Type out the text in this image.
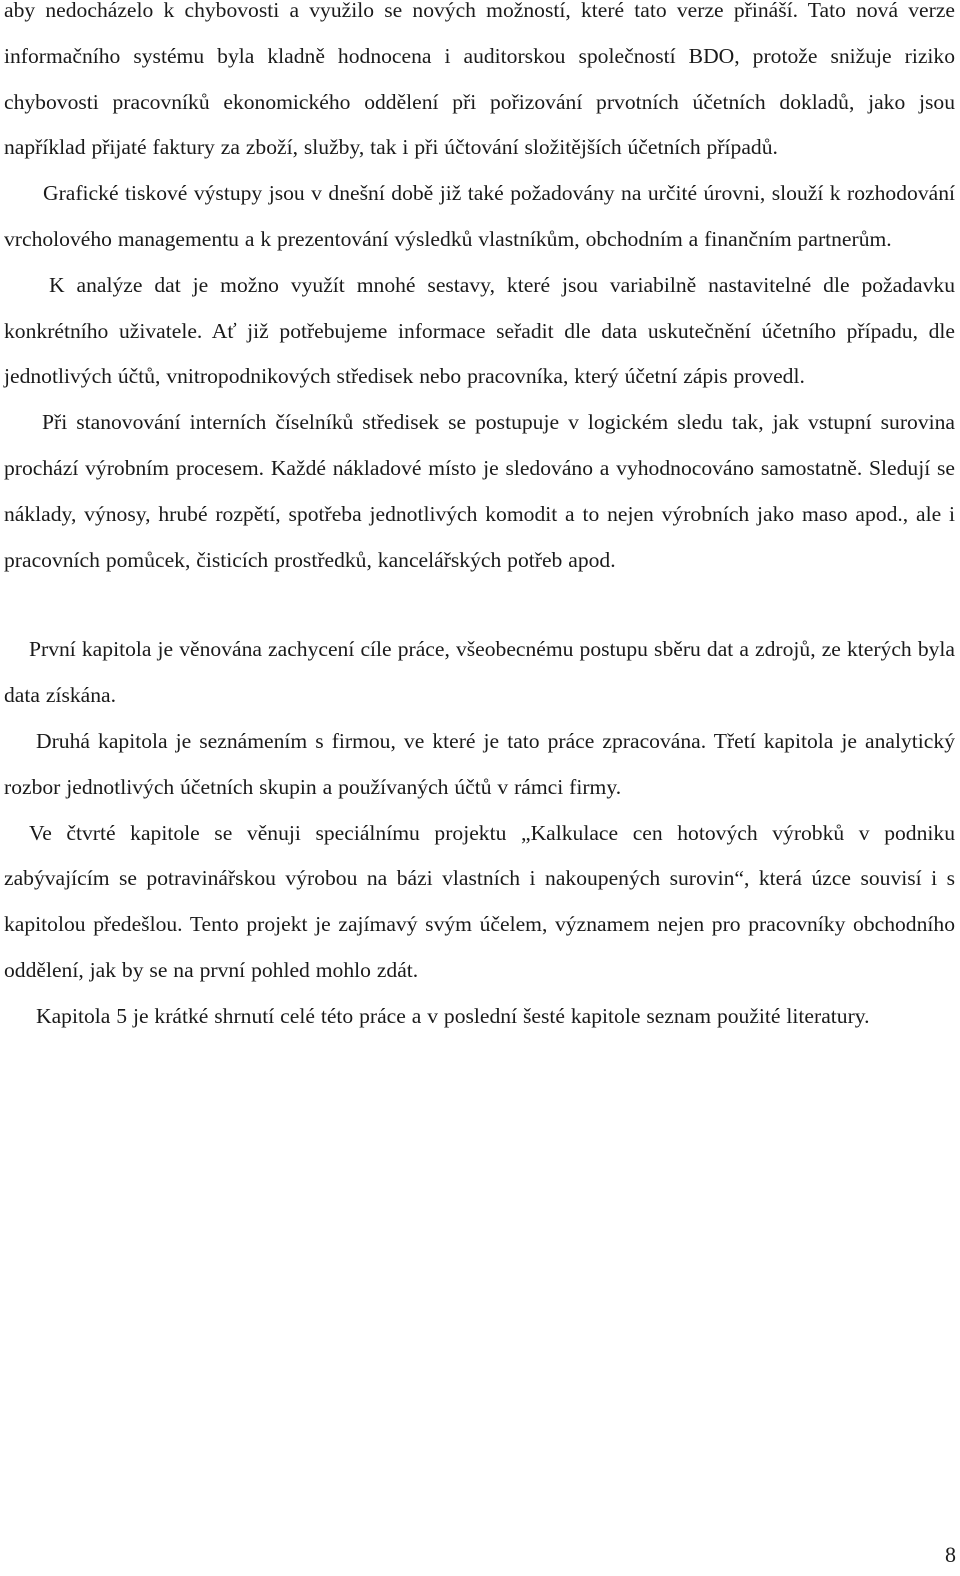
aby nedocházelo k chybovosti a využilo se nových možností, které tato verze přináší. Tato nová verze informačního systému byla kladně hodnocena i auditorskou společností BDO, protože snižuje riziko chybovosti pracovníků ekonomického oddělení při pořizování prvotních účetních dokladů, jako jsou například přijaté faktury za zboží, služby, tak i při účtování složitějších účetních případů.

Grafické tiskové výstupy jsou v dnešní době již také požadovány na určité úrovni, slouží k rozhodování vrcholového managementu a k prezentování výsledků vlastníkům, obchodním a finančním partnerům.

K analýze dat je možno využít mnohé sestavy, které jsou variabilně nastavitelné dle požadavku konkrétního uživatele. Ať již potřebujeme informace seřadit dle data uskutečnění účetního případu, dle jednotlivých účtů, vnitropodnikových středisek nebo pracovníka, který účetní zápis provedl.

Při stanovování interních číselníků středisek se postupuje v logickém sledu tak, jak vstupní surovina prochází výrobním procesem. Každé nákladové místo je sledováno a vyhodnocováno samostatně. Sledují se náklady, výnosy, hrubé rozpětí, spotřeba jednotlivých komodit a to nejen výrobních jako maso apod., ale i pracovních pomůcek, čisticích prostředků, kancelářských potřeb apod.

První kapitola je věnována zachycení cíle práce, všeobecnému postupu sběru dat a zdrojů, ze kterých byla data získána.

Druhá kapitola je seznámením s firmou, ve které je tato práce zpracována. Třetí kapitola je analytický rozbor jednotlivých účetních skupin a používaných účtů v rámci firmy.

Ve čtvrté kapitole se věnuji speciálnímu projektu „Kalkulace cen hotových výrobků v podniku zabývajícím se potravinářskou výrobou na bázi vlastních i nakoupených surovin“, která úzce souvisí i s kapitolou předešlou. Tento projekt je zajímavý svým účelem, významem nejen pro pracovníky obchodního oddělení, jak by se na první pohled mohlo zdát.

Kapitola 5 je krátké shrnutí celé této práce a v poslední šesté kapitole seznam použité literatury.

8
